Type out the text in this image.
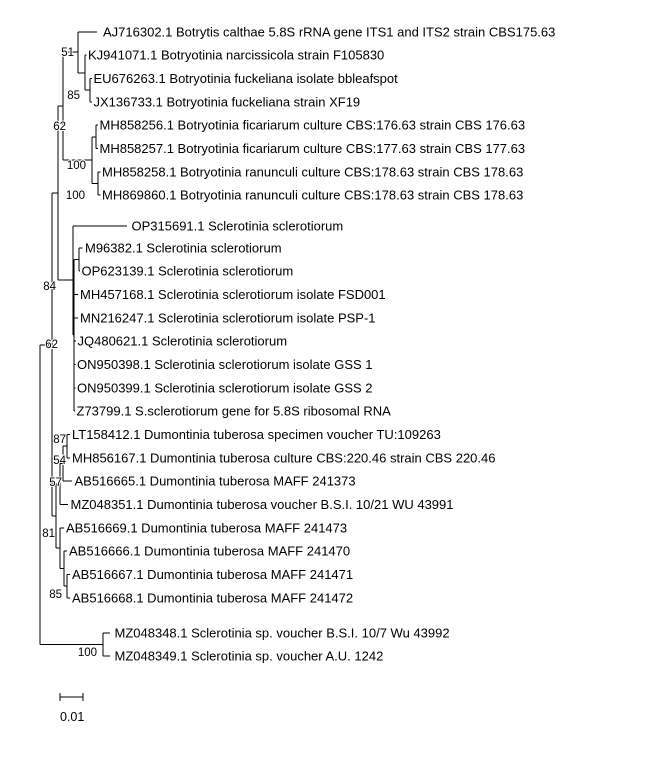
AJ716302.1 Botrytis calthae 5.8S rRNA gene ITS1 and ITS2 strain CBS175.63
KJ941071.1 Botryotinia narcissicola strain F105830
EU676263.1 Botryotinia fuckeliana isolate bbleafspot
JX136733.1 Botryotinia fuckeliana strain XF19
MH858256.1 Botryotinia ficariarum culture CBS:176.63 strain CBS 176.63
MH858257.1 Botryotinia ficariarum culture CBS:177.63 strain CBS 177.63
MH858258.1 Botryotinia ranunculi culture CBS:178.63 strain CBS 178.63
MH869860.1 Botryotinia ranunculi culture CBS:178.63 strain CBS 178.63
OP315691.1 Sclerotinia sclerotiorum
M96382.1 Sclerotinia sclerotiorum
OP623139.1 Sclerotinia sclerotiorum
MH457168.1 Sclerotinia sclerotiorum isolate FSD001
MN216247.1 Sclerotinia sclerotiorum isolate PSP-1
JQ480621.1 Sclerotinia sclerotiorum
ON950398.1 Sclerotinia sclerotiorum isolate GSS 1
ON950399.1 Sclerotinia sclerotiorum isolate GSS 2
Z73799.1 S.sclerotiorum gene for 5.8S ribosomal RNA
LT158412.1 Dumontinia tuberosa specimen voucher TU:109263
MH856167.1 Dumontinia tuberosa culture CBS:220.46 strain CBS 220.46
AB516665.1 Dumontinia tuberosa MAFF 241373
MZ048351.1 Dumontinia tuberosa voucher B.S.I. 10/21 WU 43991
AB516669.1 Dumontinia tuberosa MAFF 241473
AB516666.1 Dumontinia tuberosa MAFF 241470
AB516667.1 Dumontinia tuberosa MAFF 241471
AB516668.1 Dumontinia tuberosa MAFF 241472
MZ048348.1 Sclerotinia sp. voucher B.S.I. 10/7 Wu 43992
MZ048349.1 Sclerotinia sp. voucher A.U. 1242
51
85
62
100
100
84
62
87
54
57
81
85
100
0.01
